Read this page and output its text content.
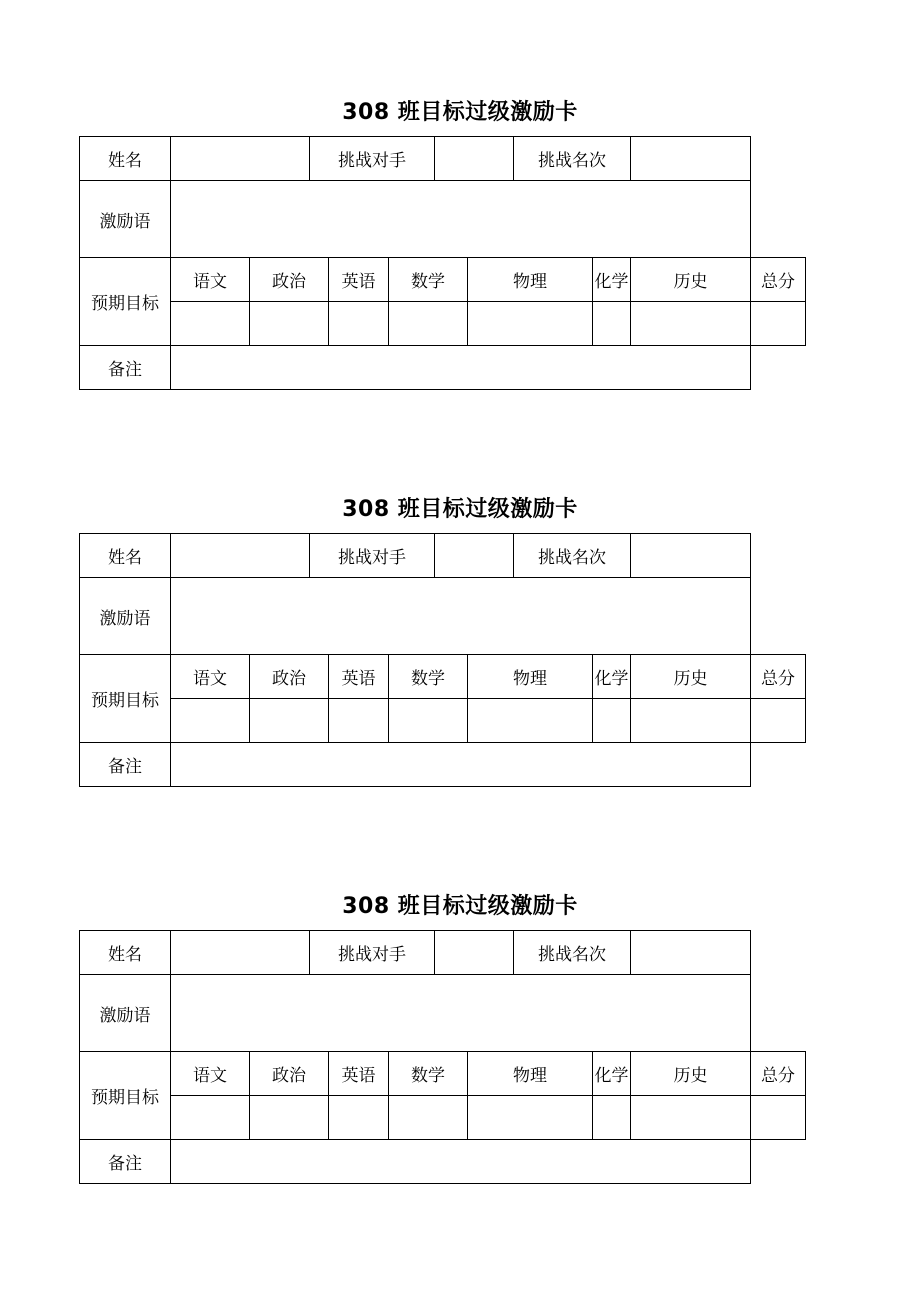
308 班目标过级激励卡
姓名			挑战对手					挑战名次			
激励语											
预期目标	语文	政治		英语	数学		物理		化学	历史	总分

备注											
308 班目标过级激励卡
姓名			挑战对手					挑战名次			
激励语											
预期目标	语文	政治		英语	数学		物理		化学	历史	总分

备注											
308 班目标过级激励卡
姓名			挑战对手					挑战名次			
激励语											
预期目标	语文	政治		英语	数学		物理		化学	历史	总分

备注											
